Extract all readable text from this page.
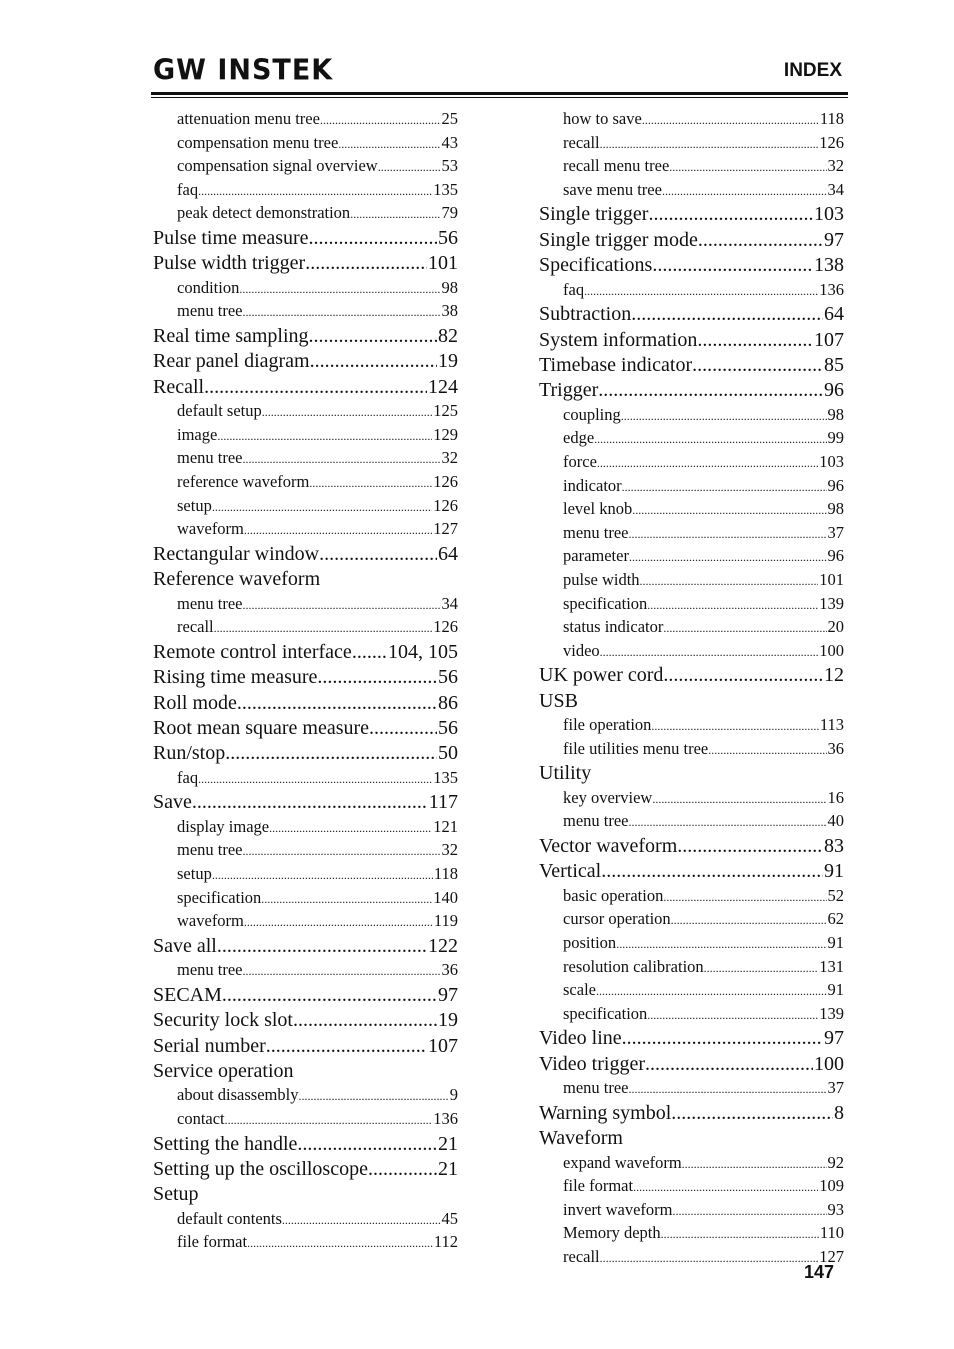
GW INSTEK	INDEX
attenuation menu tree .....	25
compensation menu tree .....	43
compensation signal overview .....	53
faq .....	135
peak detect demonstration .....	79
Pulse time measure .....	56
Pulse width trigger .....	101
condition .....	98
menu tree .....	38
Real time sampling .....	82
Rear panel diagram .....	19
Recall .....	124
default setup .....	125
image .....	129
menu tree .....	32
reference waveform .....	126
setup .....	126
waveform .....	127
Rectangular window .....	64
Reference waveform
menu tree .....	34
recall .....	126
Remote control interface ..... 104, 105
Rising time measure .....	56
Roll mode .....	86
Root mean square measure .....	56
Run/stop .....	50
faq .....	135
Save .....	117
display image .....	121
menu tree .....	32
setup .....	118
specification .....	140
waveform .....	119
Save all .....	122
menu tree .....	36
SECAM .....	97
Security lock slot .....	19
Serial number .....	107
Service operation
about disassembly .....	9
contact .....	136
Setting the handle .....	21
Setting up the oscilloscope .....	21
Setup
default contents .....	45
file format .....	112
how to save .....	118
recall .....	126
recall menu tree .....	32
save menu tree .....	34
Single trigger .....	103
Single trigger mode .....	97
Specifications .....	138
faq .....	136
Subtraction .....	64
System information .....	107
Timebase indicator .....	85
Trigger .....	96
coupling .....	98
edge .....	99
force .....	103
indicator .....	96
level knob .....	98
menu tree .....	37
parameter .....	96
pulse width .....	101
specification .....	139
status indicator .....	20
video .....	100
UK power cord .....	12
USB
file operation .....	113
file utilities menu tree .....	36
Utility
key overview .....	16
menu tree .....	40
Vector waveform .....	83
Vertical .....	91
basic operation .....	52
cursor operation .....	62
position .....	91
resolution calibration .....	131
scale .....	91
specification .....	139
Video line .....	97
Video trigger .....	100
menu tree .....	37
Warning symbol .....	8
Waveform
expand waveform .....	92
file format .....	109
invert waveform .....	93
Memory depth .....	110
recall .....	127
147
